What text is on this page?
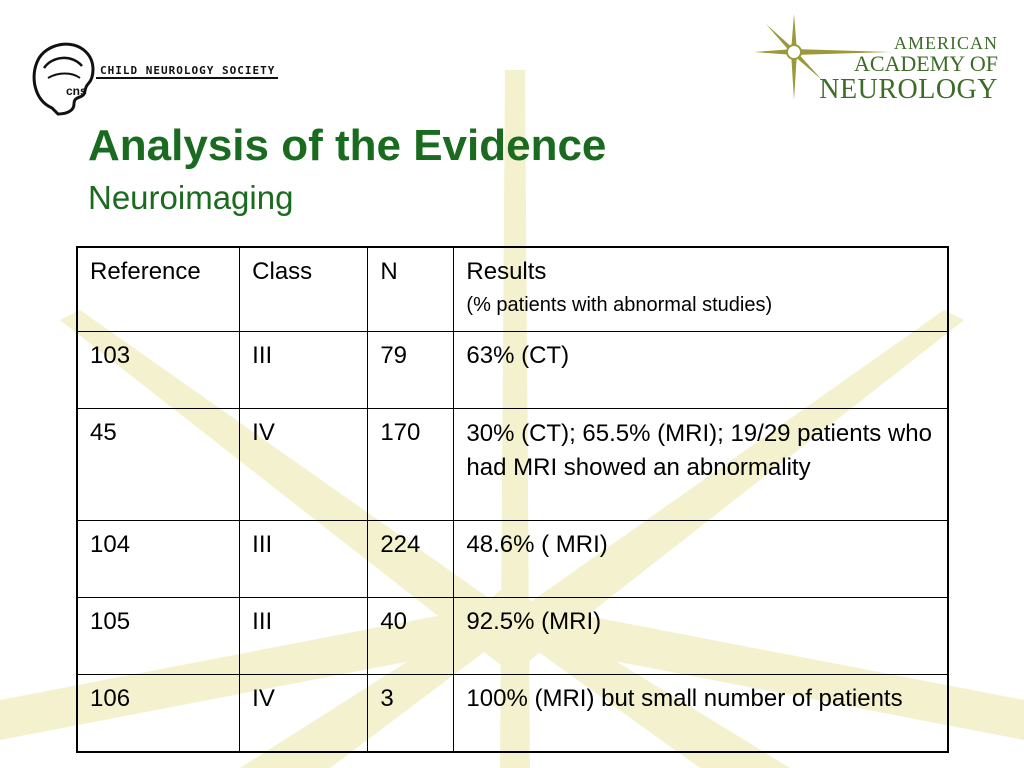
CHILD NEUROLOGY SOCIETY
cns
AMERICAN
ACADEMY OF
NEUROLOGY
Analysis of the Evidence
Neuroimaging
Reference	Class	N	Results
(% patients with abnormal studies)

103	III	79	63% (CT)
45	IV	170	30% (CT); 65.5% (MRI); 19/29 patients who had MRI showed an abnormality
104	III	224	48.6% ( MRI)
105	III	40	92.5% (MRI)
106	IV	3	100% (MRI) but small number of patients
